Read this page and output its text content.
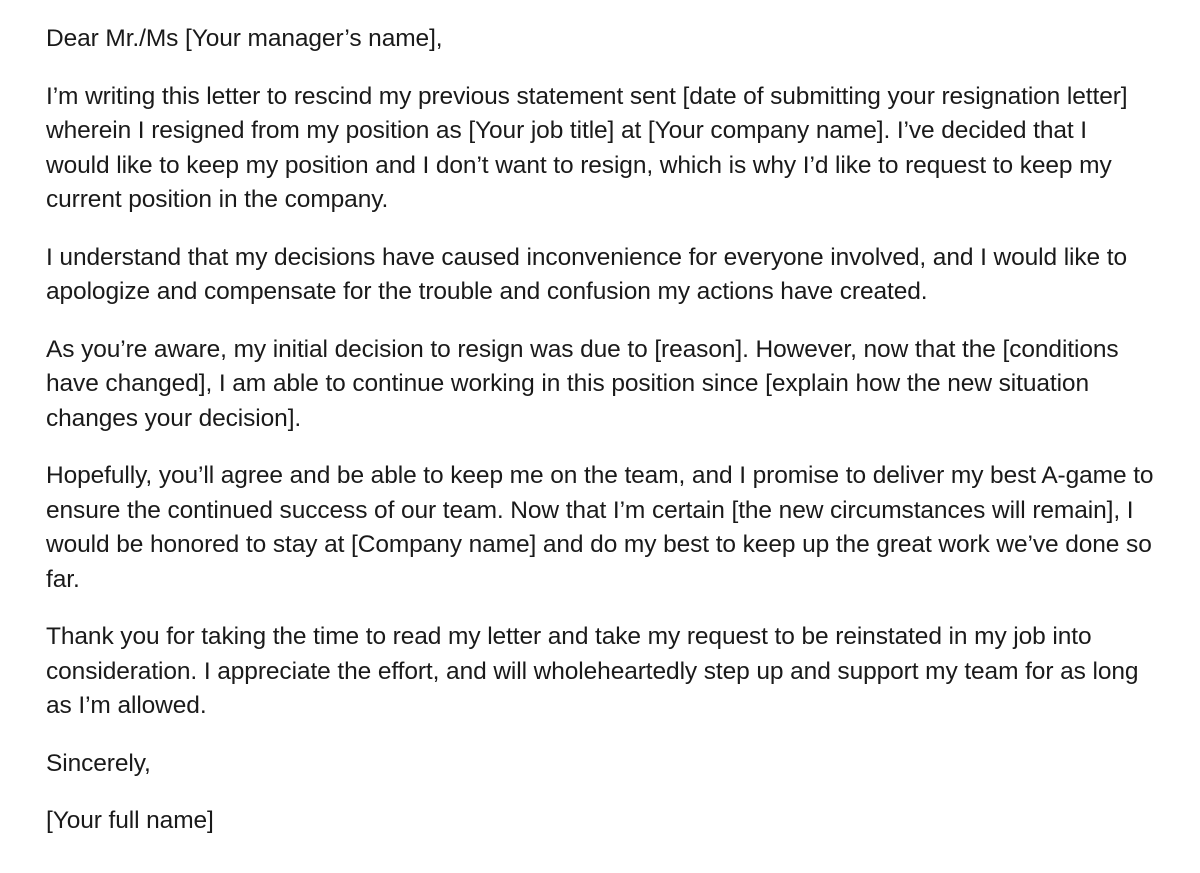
Dear Mr./Ms [Your manager’s name],

I’m writing this letter to rescind my previous statement sent [date of submitting your resignation letter] wherein I resigned from my position as [Your job title] at [Your company name]. I’ve decided that I would like to keep my position and I don’t want to resign, which is why I’d like to request to keep my current position in the company.

I understand that my decisions have caused inconvenience for everyone involved, and I would like to apologize and compensate for the trouble and confusion my actions have created.

As you’re aware, my initial decision to resign was due to [reason]. However, now that the [conditions have changed], I am able to continue working in this position since [explain how the new situation changes your decision].

Hopefully, you’ll agree and be able to keep me on the team, and I promise to deliver my best A-game to ensure the continued success of our team. Now that I’m certain [the new circumstances will remain], I would be honored to stay at [Company name] and do my best to keep up the great work we’ve done so far.

Thank you for taking the time to read my letter and take my request to be reinstated in my job into consideration. I appreciate the effort, and will wholeheartedly step up and support my team for as long as I’m allowed.

Sincerely,

[Your full name]
